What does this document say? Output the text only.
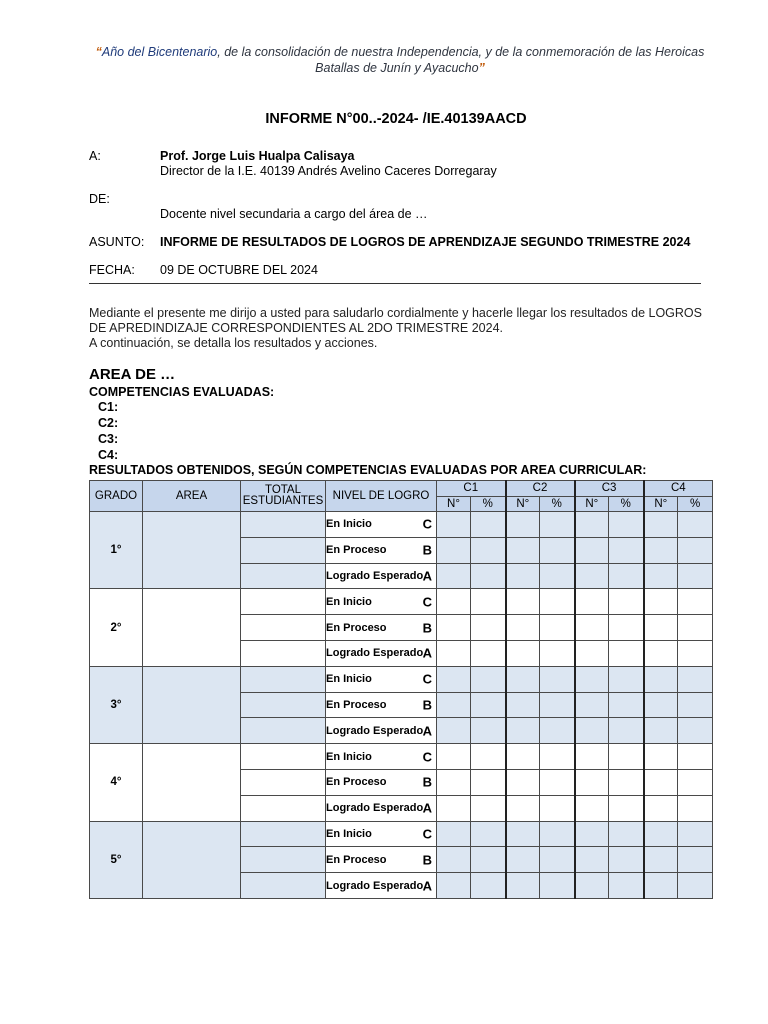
“Año del Bicentenario, de la consolidación de nuestra Independencia, y de la conmemoración de las Heroicas Batallas de Junín y Ayacucho”
INFORME N°00..-2024- /IE.40139AACD
A:	Prof. Jorge Luis Hualpa Calisaya
Director de la I.E. 40139 Andrés Avelino Caceres Dorregaray
DE:
Docente nivel secundaria a cargo del área de …
ASUNTO: INFORME DE RESULTADOS DE LOGROS DE APRENDIZAJE SEGUNDO TRIMESTRE 2024
FECHA: 09 DE OCTUBRE DEL 2024
Mediante el presente me dirijo a usted para saludarlo cordialmente y hacerle llegar los resultados de LOGROS DE APREDINDIZAJE CORRESPONDIENTES AL 2DO TRIMESTRE 2024.
A continuación, se detalla los resultados y acciones.
AREA DE …
COMPETENCIAS EVALUADAS:
C1:
C2:
C3:
C4:
RESULTADOS OBTENIDOS, SEGÚN COMPETENCIAS EVALUADAS POR AREA CURRICULAR:
GRADO	AREA	TOTAL ESTUDIANTES	NIVEL DE LOGRO	C1		C2		C3		C4	
				N°	%	N°	%	N°	%	N°	%
1°			En Inicio C								

			En Proceso B								

			Logrado Esperado A								

2°			En Inicio C								

			En Proceso B								

			Logrado Esperado A								

3°			En Inicio C								

			En Proceso B								

			Logrado Esperado A								

4°			En Inicio C								

			En Proceso B								

			Logrado Esperado A								

5°			En Inicio C								

			En Proceso B								

			Logrado Esperado A								
